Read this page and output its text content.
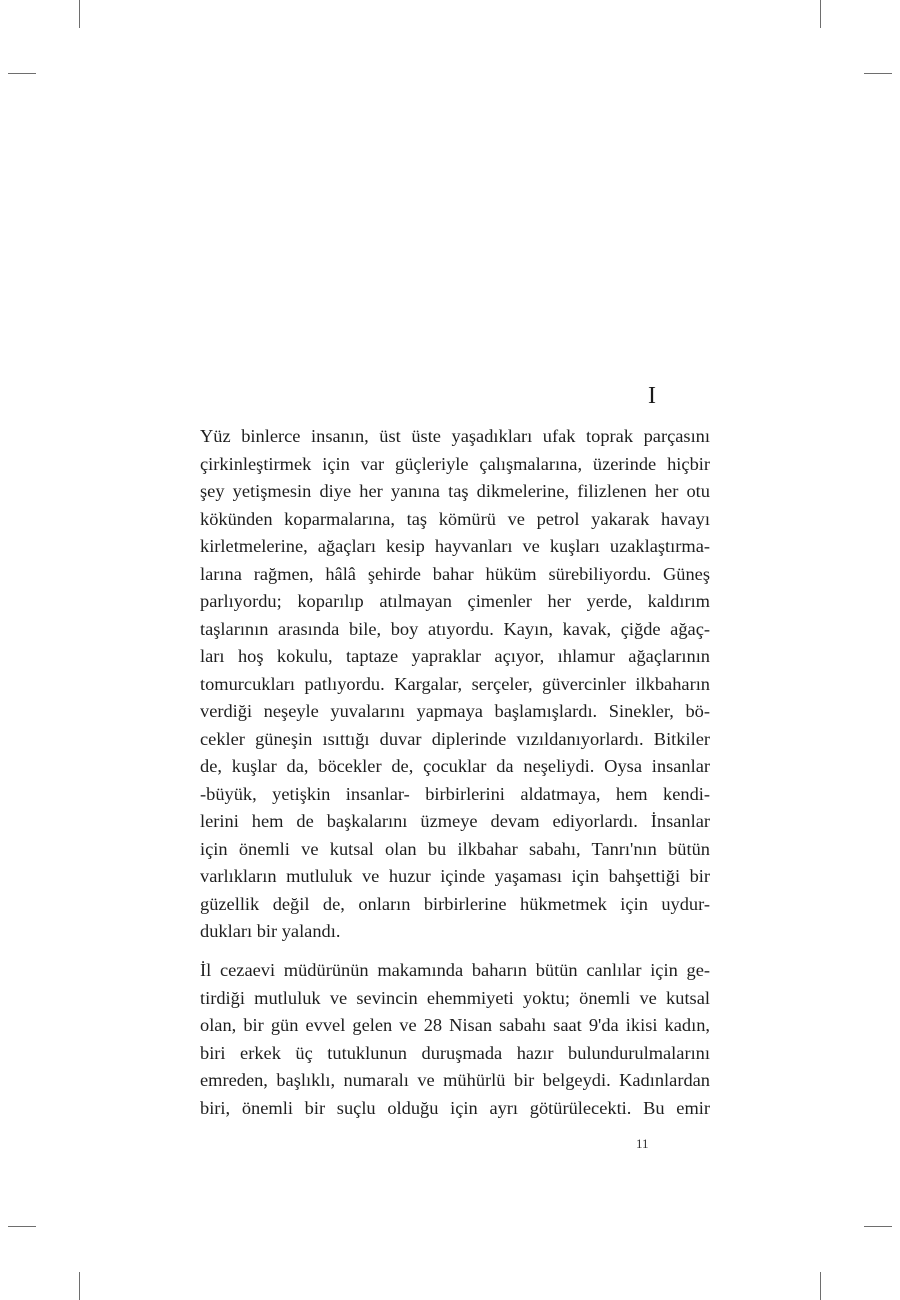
I

Yüz binlerce insanın, üst üste yaşadıkları ufak toprak parçasını
çirkinleştirmek için var güçleriyle çalışmalarına, üzerinde hiçbir
şey yetişmesin diye her yanına taş dikmelerine, filizlenen her otu
kökünden koparmalarına, taş kömürü ve petrol yakarak havayı
kirletmelerine, ağaçları kesip hayvanları ve kuşları uzaklaştırma-
larına rağmen, hâlâ şehirde bahar hüküm sürebiliyordu. Güneş
parlıyordu; koparılıp atılmayan çimenler her yerde, kaldırım
taşlarının arasında bile, boy atıyordu. Kayın, kavak, çiğde ağaç-
ları hoş kokulu, taptaze yapraklar açıyor, ıhlamur ağaçlarının
tomurcukları patlıyordu. Kargalar, serçeler, güvercinler ilkbaharın
verdiği neşeyle yuvalarını yapmaya başlamışlardı. Sinekler, bö-
cekler güneşin ısıttığı duvar diplerinde vızıldanıyorlardı. Bitkiler
de, kuşlar da, böcekler de, çocuklar da neşeliydi. Oysa insanlar
-büyük, yetişkin insanlar- birbirlerini aldatmaya, hem kendi-
lerini hem de başkalarını üzmeye devam ediyorlardı. İnsanlar
için önemli ve kutsal olan bu ilkbahar sabahı, Tanrı'nın bütün
varlıkların mutluluk ve huzur içinde yaşaması için bahşettiği bir
güzellik değil de, onların birbirlerine hükmetmek için uydur-
dukları bir yalandı.

İl cezaevi müdürünün makamında baharın bütün canlılar için ge-
tirdiği mutluluk ve sevincin ehemmiyeti yoktu; önemli ve kutsal
olan, bir gün evvel gelen ve 28 Nisan sabahı saat 9'da ikisi kadın,
biri erkek üç tutuklunun duruşmada hazır bulundurulmalarını
emreden, başlıklı, numaralı ve mühürlü bir belgeydi. Kadınlardan
biri, önemli bir suçlu olduğu için ayrı götürülecekti. Bu emir

11
